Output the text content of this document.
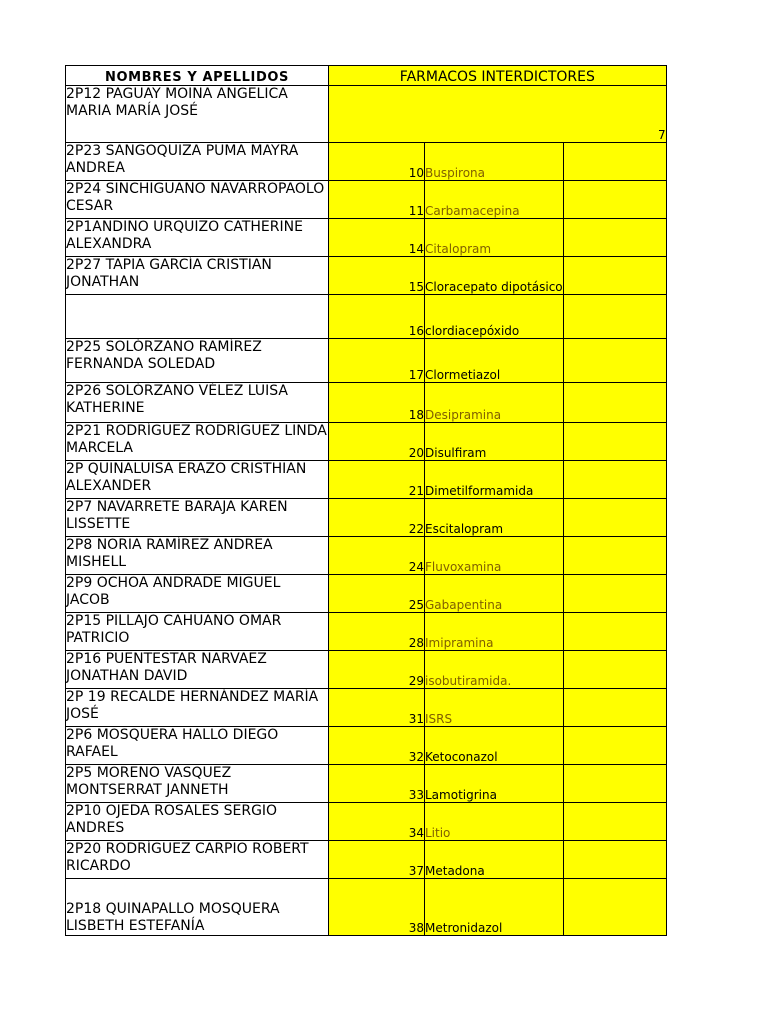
NOMBRES Y APELLIDOS	FARMACOS INTERDICTORES		
2P12 PAGUAY MOINA ANGELICA MARIA MARÍA JOSÉ	7		
2P23 SANGOQUIZA PUMA MAYRA ANDREA	10	Buspirona	
2P24 SINCHIGUANO NAVARROPAOLO CESAR	11	Carbamacepina	
2P1ANDINO URQUIZO CATHERINE ALEXANDRA	14	Citalopram	
2P27 TAPIA GARCÍA CRISTIAN JONATHAN	15	Cloracepato dipotásico	
	16	clordiacepóxido	
2P25 SOLÓRZANO RAMÍREZ FERNANDA SOLEDAD	17	Clormetiazol	
2P26 SOLÓRZANO VÉLEZ LUISA KATHERINE	18	Desipramina	
2P21 RODRÍGUEZ RODRÍGUEZ LINDA MARCELA	20	Disulfiram	
2P QUINALUISA ERAZO CRISTHIAN ALEXANDER	21	Dimetilformamida	
2P7 NAVARRETE BARAJA KAREN LISSETTE	22	Escitalopram	
2P8 NORIA RAMÍREZ ANDREA MISHELL	24	Fluvoxamina	
2P9 OCHOA ANDRADE MIGUEL JACOB	25	Gabapentina	
2P15 PILLAJO CAHUANO OMAR PATRICIO	28	Imipramina	
2P16 PUENTESTAR NARVAEZ JONATHAN DAVID	29	isobutiramida.	
2P 19 RECALDE HERNÁNDEZ MARÍA JOSÉ	31	ISRS	
2P6 MOSQUERA HALLO DIEGO RAFAEL	32	Ketoconazol	
2P5 MORENO VASQUEZ MONTSERRAT JANNETH	33	Lamotigrina	
2P10 OJEDA ROSALES SERGIO ANDRES	34	Litio	
2P20 RODRÍGUEZ CARPIO ROBERT RICARDO	37	Metadona	
2P18 QUINAPALLO MOSQUERA LISBETH ESTEFANÍA	38	Metronidazol	
